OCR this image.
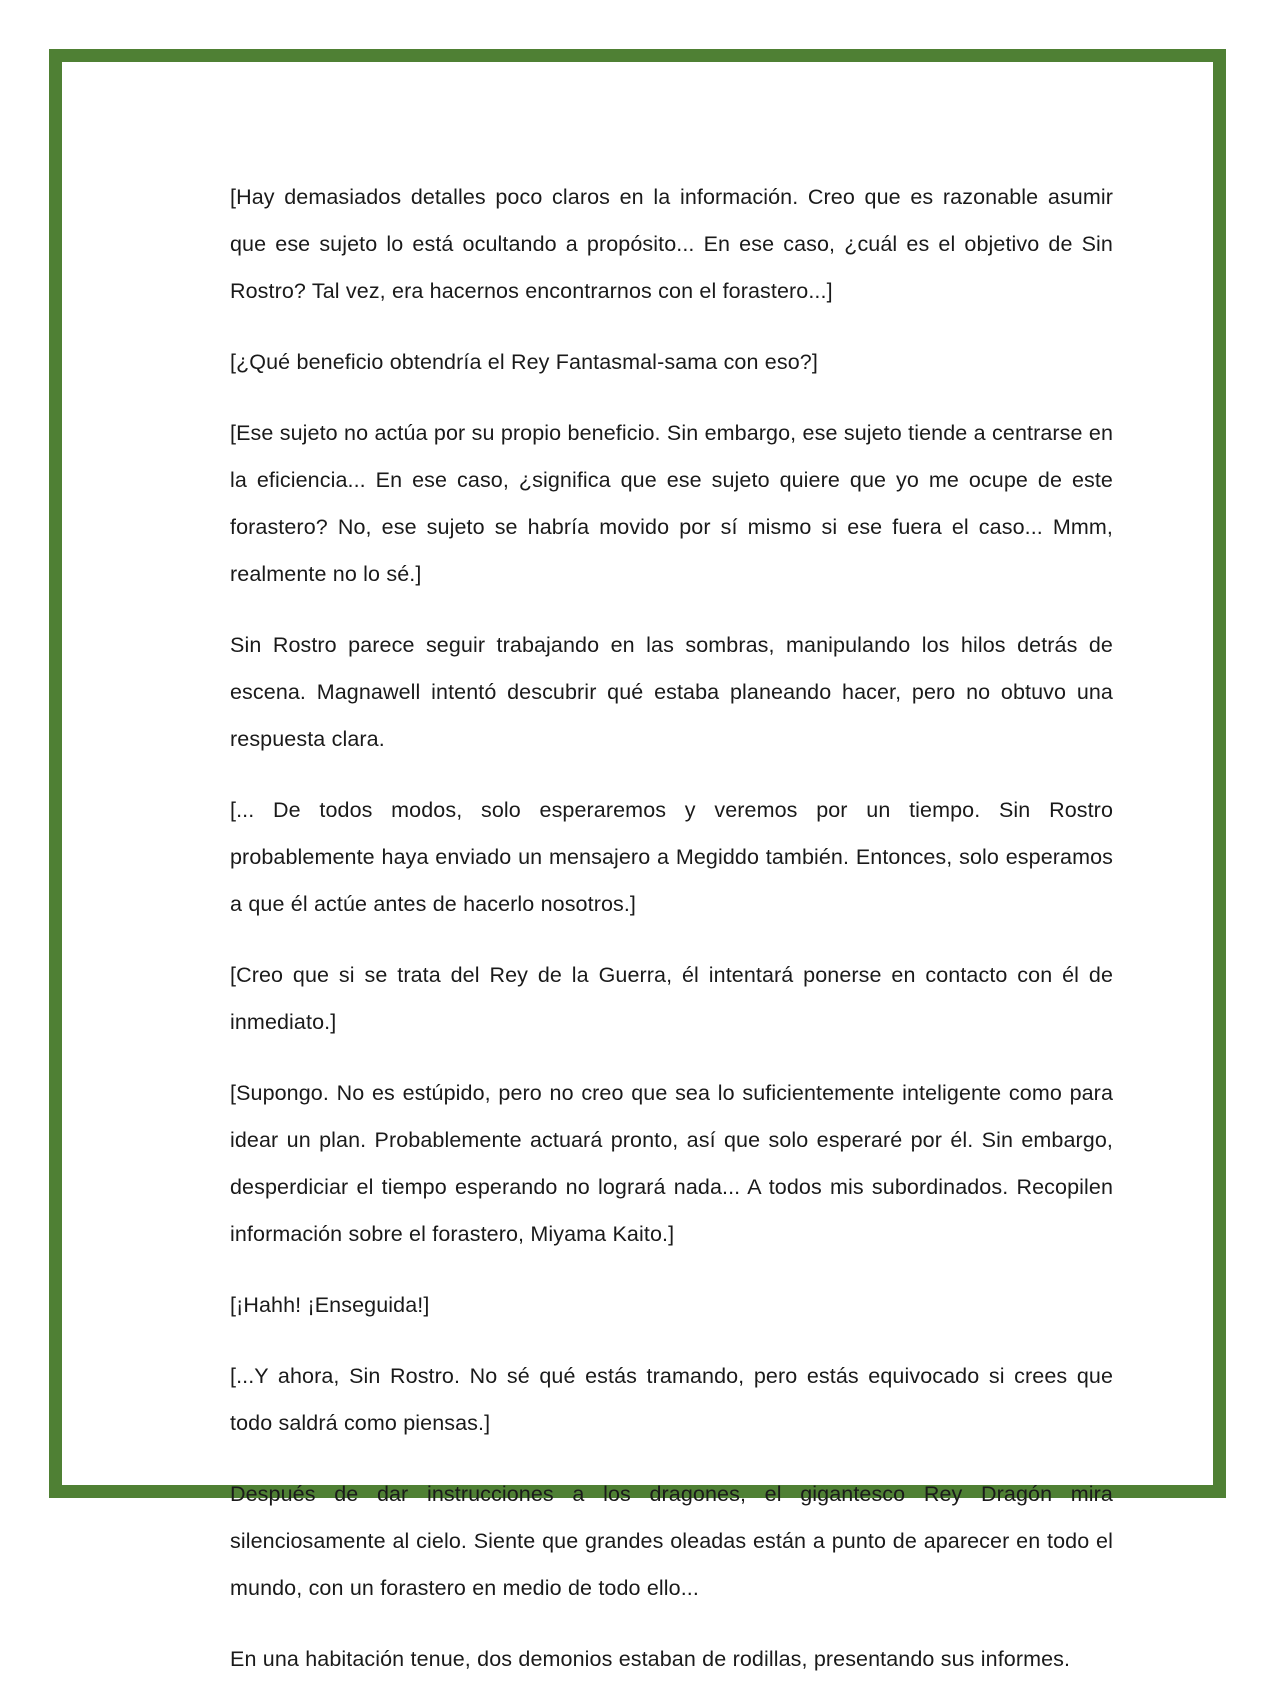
[Hay demasiados detalles poco claros en la información. Creo que es razonable asumir que ese sujeto lo está ocultando a propósito... En ese caso, ¿cuál es el objetivo de Sin Rostro? Tal vez, era hacernos encontrarnos con el forastero...]

[¿Qué beneficio obtendría el Rey Fantasmal-sama con eso?]

[Ese sujeto no actúa por su propio beneficio. Sin embargo, ese sujeto tiende a centrarse en la eficiencia... En ese caso, ¿significa que ese sujeto quiere que yo me ocupe de este forastero? No, ese sujeto se habría movido por sí mismo si ese fuera el caso... Mmm, realmente no lo sé.]

Sin Rostro parece seguir trabajando en las sombras, manipulando los hilos detrás de escena. Magnawell intentó descubrir qué estaba planeando hacer, pero no obtuvo una respuesta clara.

[... De todos modos, solo esperaremos y veremos por un tiempo. Sin Rostro probablemente haya enviado un mensajero a Megiddo también. Entonces, solo esperamos a que él actúe antes de hacerlo nosotros.]

[Creo que si se trata del Rey de la Guerra, él intentará ponerse en contacto con él de inmediato.]

[Supongo. No es estúpido, pero no creo que sea lo suficientemente inteligente como para idear un plan. Probablemente actuará pronto, así que solo esperaré por él. Sin embargo, desperdiciar el tiempo esperando no logrará nada... A todos mis subordinados. Recopilen información sobre el forastero, Miyama Kaito.]

[¡Hahh! ¡Enseguida!]

[...Y ahora, Sin Rostro. No sé qué estás tramando, pero estás equivocado si crees que todo saldrá como piensas.]

Después de dar instrucciones a los dragones, el gigantesco Rey Dragón mira silenciosamente al cielo. Siente que grandes oleadas están a punto de aparecer en todo el mundo, con un forastero en medio de todo ello...

En una habitación tenue, dos demonios estaban de rodillas, presentando sus informes.
